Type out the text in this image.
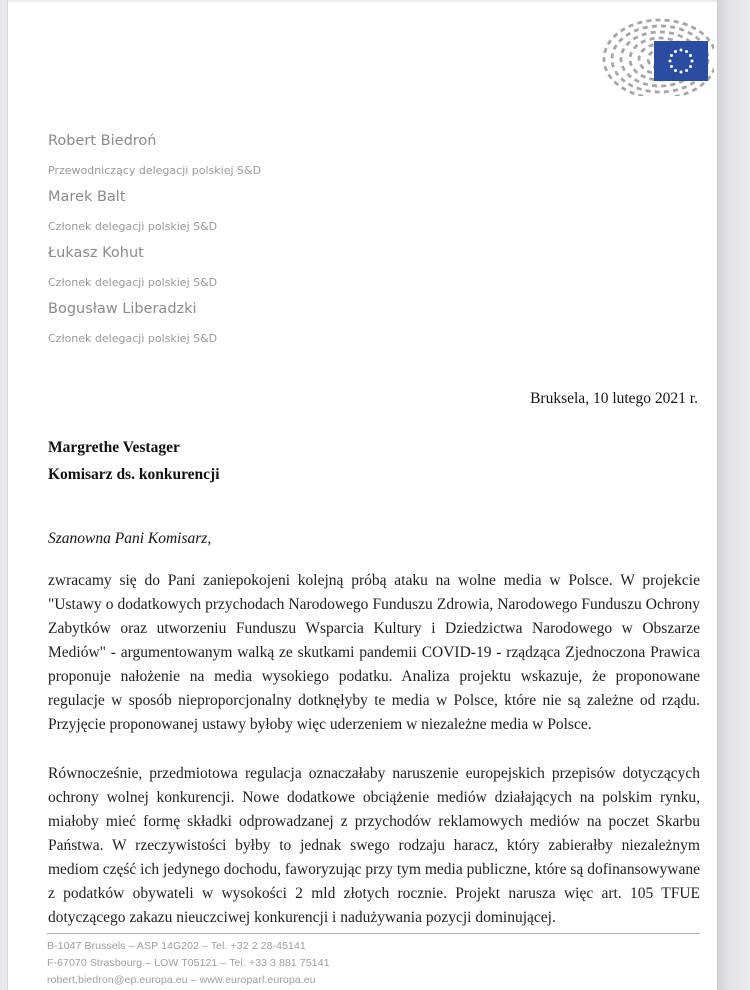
Robert Biedroń
Przewodniczący delegacji polskiej S&D
Marek Balt
Członek delegacji polskiej S&D
Łukasz Kohut
Członek delegacji polskiej S&D
Bogusław Liberadzki
Członek delegacji polskiej S&D
Bruksela, 10 lutego 2021 r.
Margrethe Vestager
Komisarz ds. konkurencji
Szanowna Pani Komisarz,

zwracamy się do Pani zaniepokojeni kolejną próbą ataku na wolne media w Polsce. W projekcie "Ustawy o dodatkowych przychodach Narodowego Funduszu Zdrowia, Narodowego Funduszu Ochrony Zabytków oraz utworzeniu Funduszu Wsparcia Kultury i Dziedzictwa Narodowego w Obszarze Mediów" - argumentowanym walką ze skutkami pandemii COVID-19 - rządząca Zjednoczona Prawica proponuje nałożenie na media wysokiego podatku. Analiza projektu wskazuje, że proponowane regulacje w sposób nieproporcjonalny dotknęłyby te media w Polsce, które nie są zależne od rządu. Przyjęcie proponowanej ustawy byłoby więc uderzeniem w niezależne media w Polsce.

Równocześnie, przedmiotowa regulacja oznaczałaby naruszenie europejskich przepisów dotyczących ochrony wolnej konkurencji. Nowe dodatkowe obciążenie mediów działających na polskim rynku, miałoby mieć formę składki odprowadzanej z przychodów reklamowych mediów na poczet Skarbu Państwa. W rzeczywistości byłby to jednak swego rodzaju haracz, który zabierałby niezależnym mediom część ich jedynego dochodu, faworyzując przy tym media publiczne, które są dofinansowywane z podatków obywateli w wysokości 2 mld złotych rocznie. Projekt narusza więc art. 105 TFUE dotyczącego zakazu nieuczciwej konkurencji i nadużywania pozycji dominującej.

B-1047 Brussels – ASP 14G202 – Tel. +32 2 28-45141
F-67070 Strasbourg – LOW T05121 – Tel. +33 3 881 75141
robert.biedron@ep.europa.eu – www.europarl.europa.eu
